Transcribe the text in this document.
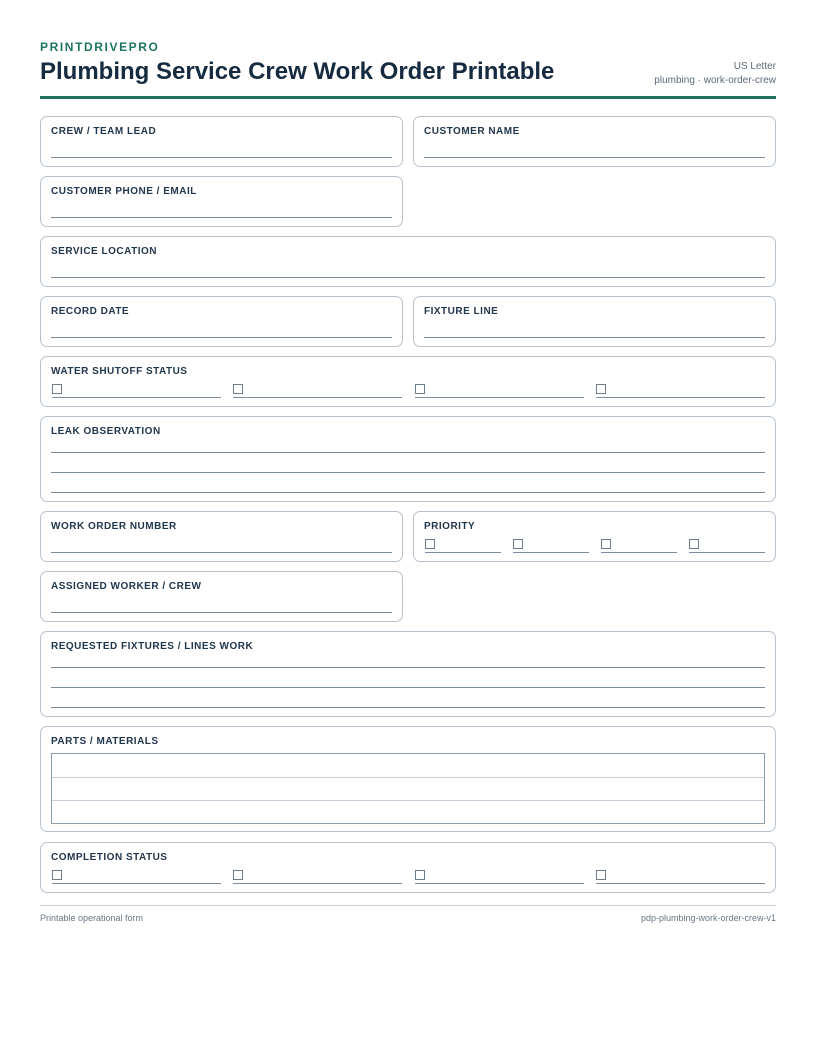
PRINTDRIVEPRO
Plumbing Service Crew Work Order Printable	US Letter
plumbing · work-order-crew
CREW / TEAM LEAD	CUSTOMER NAME
CUSTOMER PHONE / EMAIL
SERVICE LOCATION
RECORD DATE	FIXTURE LINE
WATER SHUTOFF STATUS
LEAK OBSERVATION
WORK ORDER NUMBER	PRIORITY
ASSIGNED WORKER / CREW
REQUESTED FIXTURES / LINES WORK
PARTS / MATERIALS
COMPLETION STATUS
Printable operational form	pdp-plumbing-work-order-crew-v1
